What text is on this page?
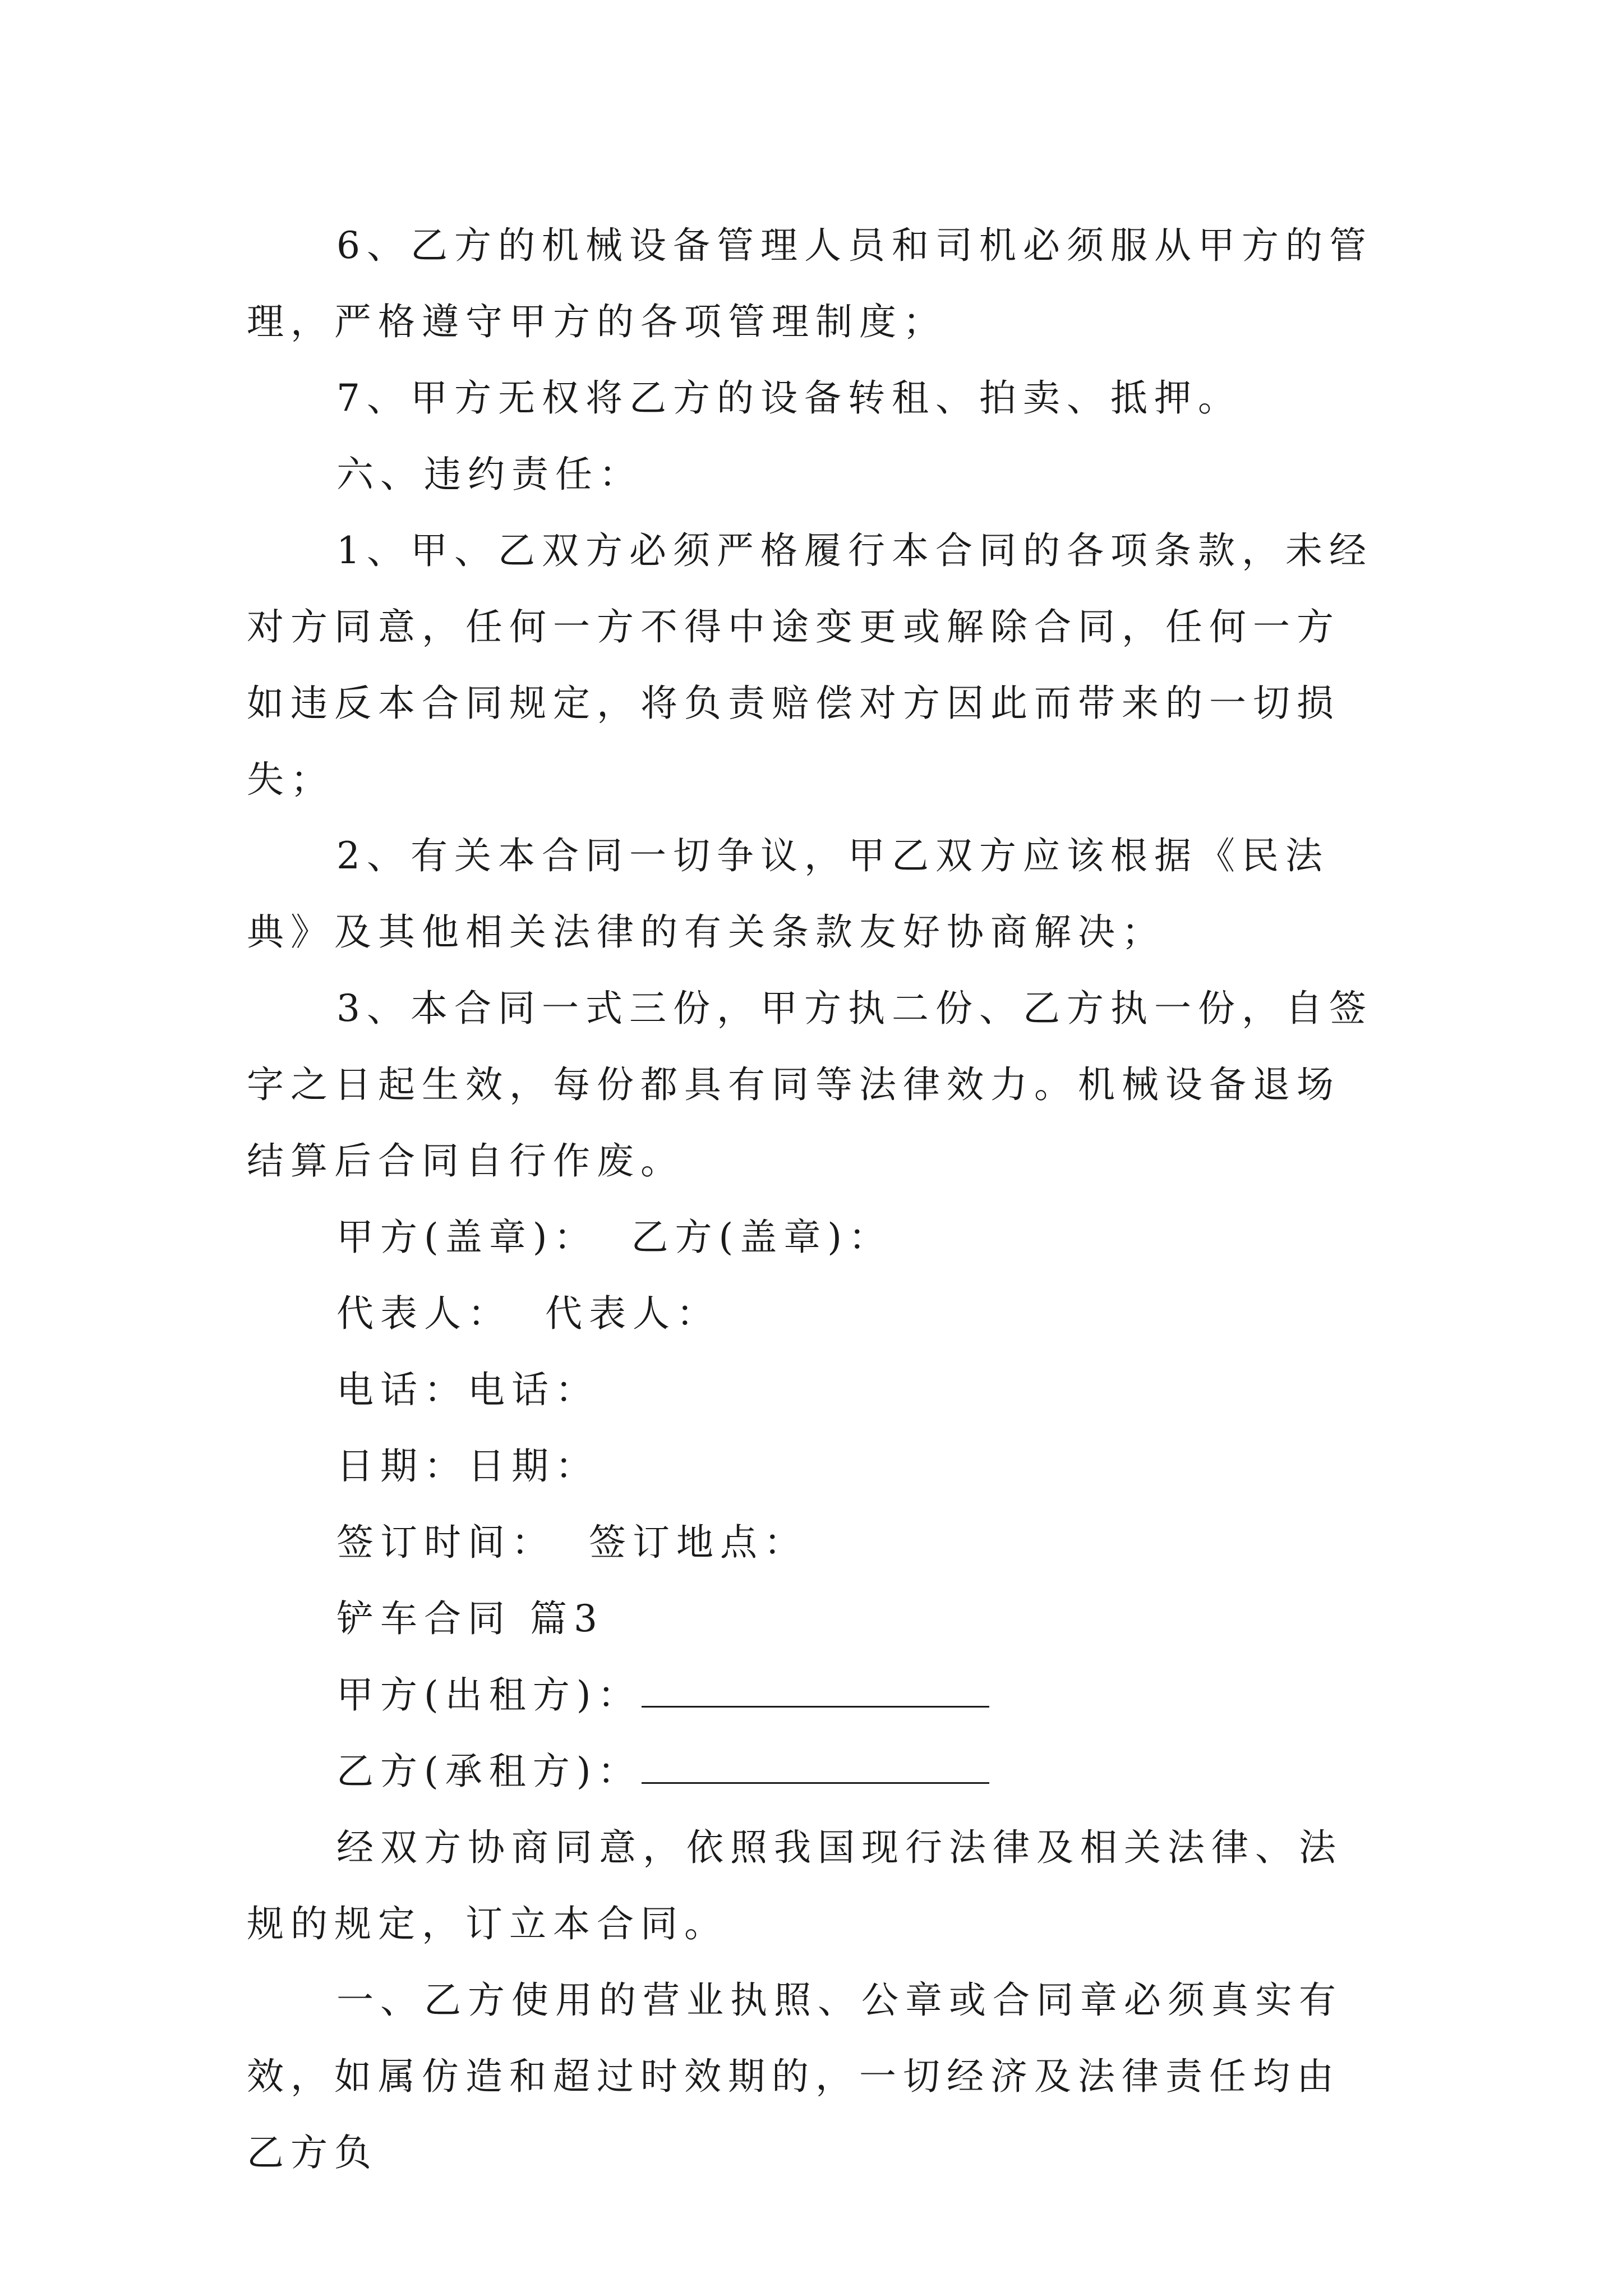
6、乙方的机械设备管理人员和司机必须服从甲方的管理，严格遵守甲方的各项管理制度；

7、甲方无权将乙方的设备转租、拍卖、抵押。

六、违约责任：

1、甲、乙双方必须严格履行本合同的各项条款，未经对方同意，任何一方不得中途变更或解除合同，任何一方如违反本合同规定，将负责赔偿对方因此而带来的一切损失；

2、有关本合同一切争议，甲乙双方应该根据《民法典》及其他相关法律的有关条款友好协商解决；

3、本合同一式三份，甲方执二份、乙方执一份，自签字之日起生效，每份都具有同等法律效力。机械设备退场结算后合同自行作废。

甲方(盖章)： 乙方(盖章)：

代表人： 代表人：

电话：电话：

日期：日期：

签订时间： 签订地点：

铲车合同 篇3

甲方(出租方)：

乙方(承租方)：

经双方协商同意，依照我国现行法律及相关法律、法规的规定，订立本合同。

一、乙方使用的营业执照、公章或合同章必须真实有效，如属仿造和超过时效期的，一切经济及法律责任均由乙方负
